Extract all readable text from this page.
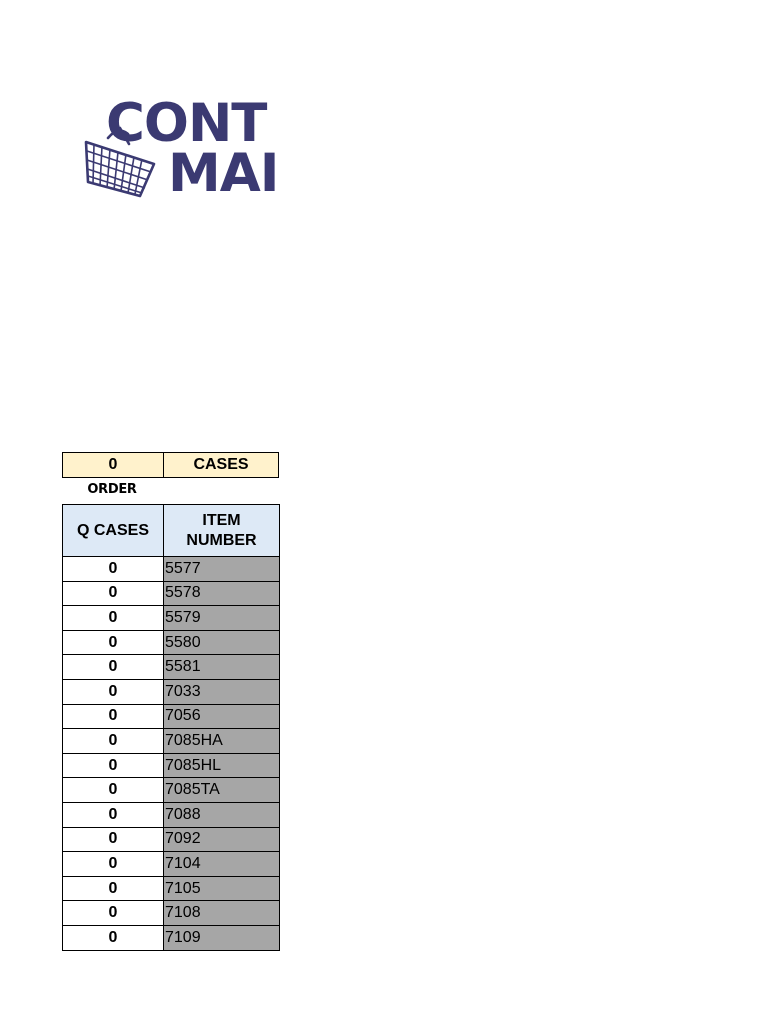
CONT
MAI
0	CASES
ORDER
Q CASES	ITEM
NUMBER
0	5577
0	5578
0	5579
0	5580
0	5581
0	7033
0	7056
0	7085HA
0	7085HL
0	7085TA
0	7088
0	7092
0	7104
0	7105
0	7108
0	7109
